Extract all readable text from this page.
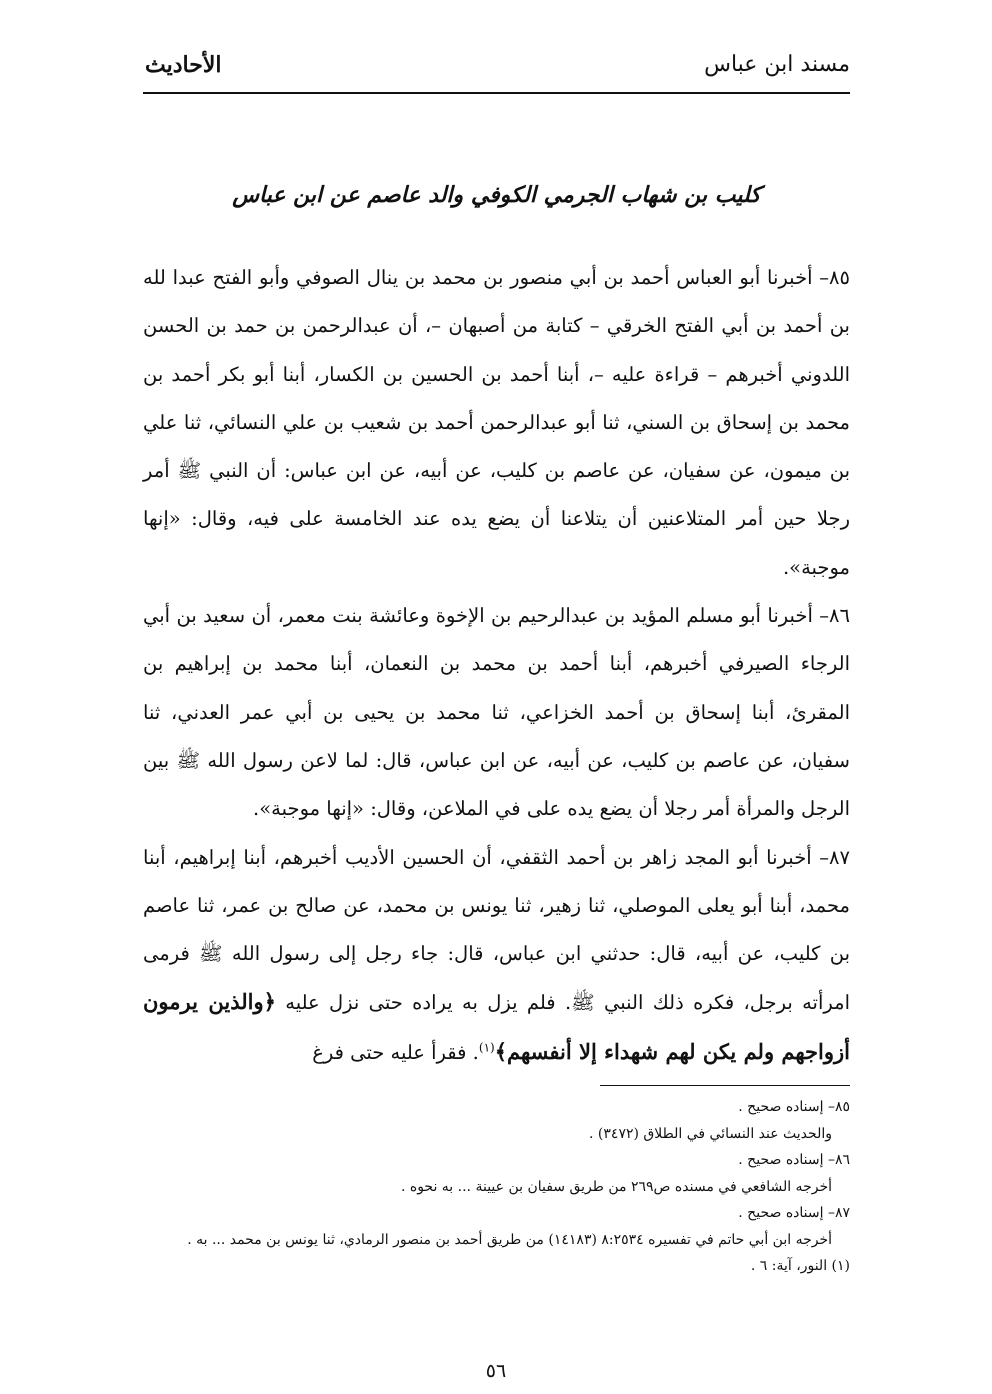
مسند ابن عباس
الأحاديث
كليب بن شهاب الجرمي الكوفي والد عاصم عن ابن عباس

٨٥– أخبرنا أبو العباس أحمد بن أبي منصور بن محمد بن ينال الصوفي وأبو الفتح عبدا لله بن أحمد بن أبي الفتح الخرقي – كتابة من أصبهان –، أن عبدالرحمن بن حمد بن الحسن اللدوني أخبرهم – قراءة عليه –، أبنا أحمد بن الحسين بن الكسار، أبنا أبو بكر أحمد بن محمد بن إسحاق بن السني، ثنا أبو عبدالرحمن أحمد بن شعيب بن علي النسائي، ثنا علي بن ميمون، عن سفيان، عن عاصم بن كليب، عن أبيه، عن ابن عباس: أن النبي ﷺ أمر رجلا حين أمر المتلاعنين أن يتلاعنا أن يضع يده عند الخامسة على فيه، وقال: «إنها موجبة».

٨٦– أخبرنا أبو مسلم المؤيد بن عبدالرحيم بن الإخوة وعائشة بنت معمر، أن سعيد بن أبي الرجاء الصيرفي أخبرهم، أبنا أحمد بن محمد بن النعمان، أبنا محمد بن إبراهيم بن المقرئ، أبنا إسحاق بن أحمد الخزاعي، ثنا محمد بن يحيى بن أبي عمر العدني، ثنا سفيان، عن عاصم بن كليب، عن أبيه، عن ابن عباس، قال: لما لاعن رسول الله ﷺ بين الرجل والمرأة أمر رجلا أن يضع يده على في الملاعن، وقال: «إنها موجبة».

٨٧– أخبرنا أبو المجد زاهر بن أحمد الثقفي، أن الحسين الأديب أخبرهم، أبنا إبراهيم، أبنا محمد، أبنا أبو يعلى الموصلي، ثنا زهير، ثنا يونس بن محمد، عن صالح بن عمر، ثنا عاصم بن كليب، عن أبيه، قال: حدثني ابن عباس، قال: جاء رجل إلى رسول الله ﷺ فرمى امرأته برجل، فكره ذلك النبي ﷺ. فلم يزل به يراده حتى نزل عليه ﴿والذين يرمون أزواجهم ولم يكن لهم شهداء إلا أنفسهم﴾$^{(١)}$. فقرأ عليه حتى فرغ

٨٥– إسناده صحيح .

والحديث عند النسائي في الطلاق (٣٤٧٢) .

٨٦– إسناده صحيح .

أخرجه الشافعي في مسنده ص٢٦٩ من طريق سفيان بن عيينة ... به نحوه .

٨٧– إسناده صحيح .

أخرجه ابن أبي حاتم في تفسيره ٨:٢٥٣٤ (١٤١٨٣) من طريق أحمد بن منصور الرمادي، ثنا يونس بن محمد ... به .

(١) النور، آية: ٦ .

٥٦
